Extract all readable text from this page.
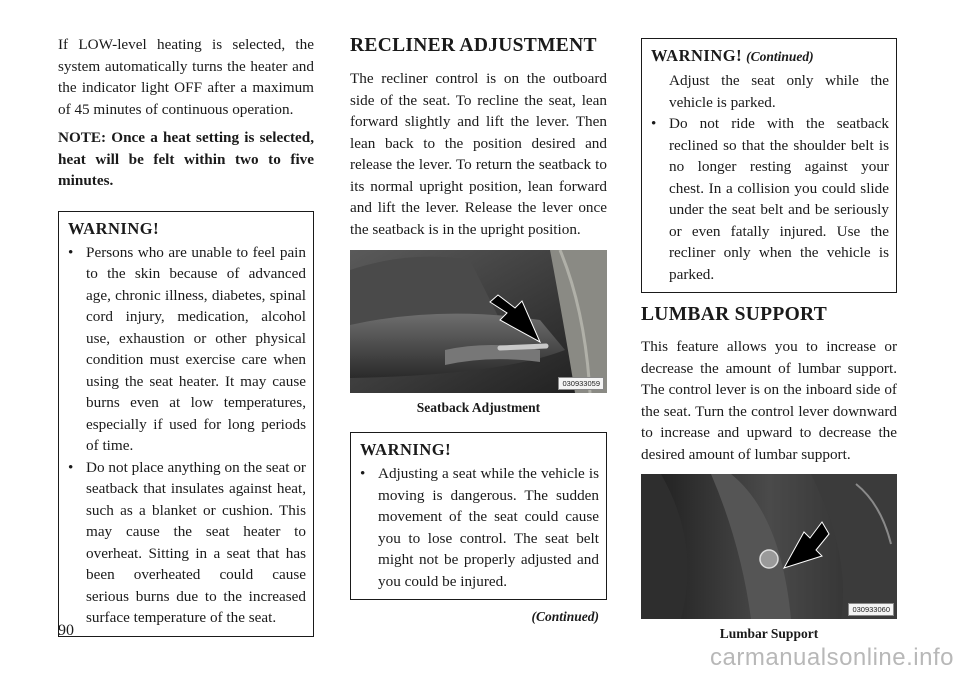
If LOW-level heating is selected, the system automatically turns the heater and the indicator light OFF after a maximum of 45 minutes of continuous operation.

NOTE: Once a heat setting is selected, heat will be felt within two to five minutes.

WARNING!
• Persons who are unable to feel pain to the skin because of advanced age, chronic illness, diabetes, spinal cord injury, medication, alcohol use, exhaustion or other physical condition must exercise care when using the seat heater. It may cause burns even at low temperatures, especially if used for long periods of time.
• Do not place anything on the seat or seatback that insulates against heat, such as a blanket or cushion. This may cause the seat heater to overheat. Sitting in a seat that has been overheated could cause serious burns due to the increased surface temperature of the seat.
RECLINER ADJUSTMENT

The recliner control is on the outboard side of the seat. To recline the seat, lean forward slightly and lift the lever. Then lean back to the position desired and release the lever. To return the seatback to its normal upright position, lean forward and lift the lever. Release the lever once the seatback is in the upright position.

030933059
Seatback Adjustment
WARNING!
• Adjusting a seat while the vehicle is moving is dangerous. The sudden movement of the seat could cause you to lose control. The seat belt might not be properly adjusted and you could be injured.
(Continued)
WARNING! (Continued)
Adjust the seat only while the vehicle is parked.
• Do not ride with the seatback reclined so that the shoulder belt is no longer resting against your chest. In a collision you could slide under the seat belt and be seriously or even fatally injured. Use the recliner only when the vehicle is parked.
LUMBAR SUPPORT

This feature allows you to increase or decrease the amount of lumbar support. The control lever is on the inboard side of the seat. Turn the control lever downward to increase and upward to decrease the desired amount of lumbar support.

030933060
Lumbar Support
90
carmanualsonline.info
